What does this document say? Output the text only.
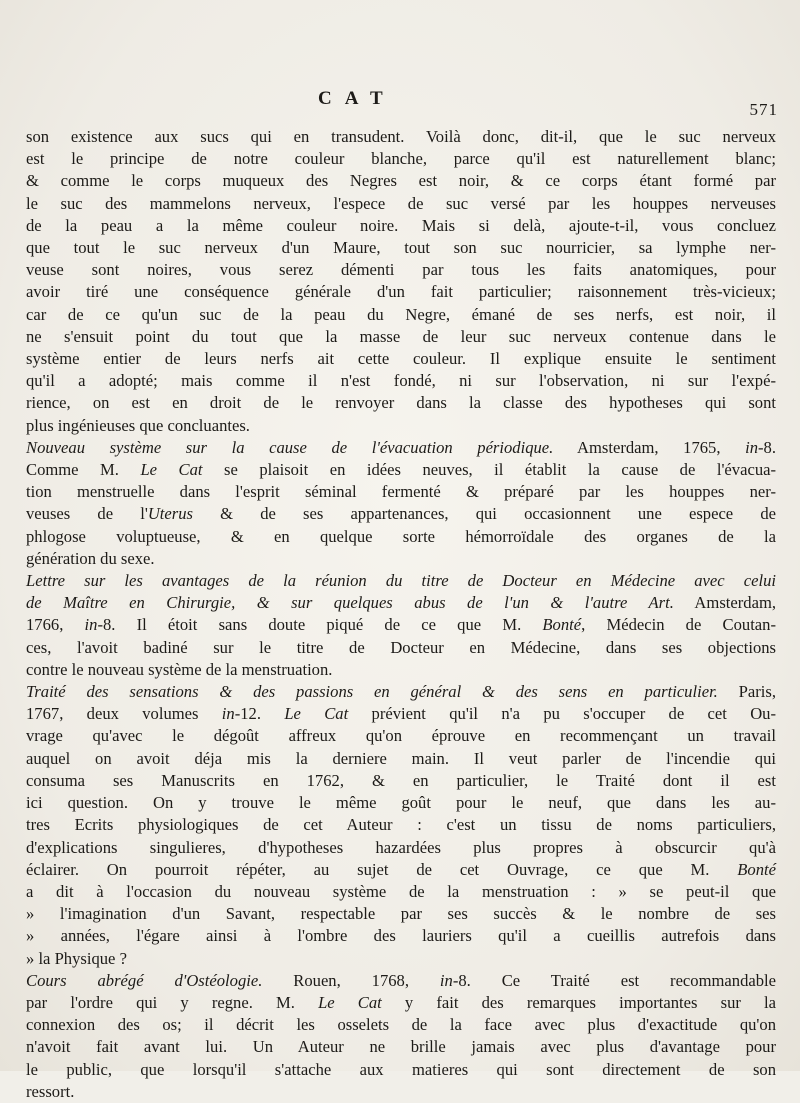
CAT
571

son existence aux sucs qui en transudent. Voilà donc, dit-il, que le suc nerveux
est le principe de notre couleur blanche, parce qu'il est naturellement blanc;
& comme le corps muqueux des Negres est noir, & ce corps étant formé par
le suc des mammelons nerveux, l'espece de suc versé par les houppes nerveuses
de la peau a la même couleur noire. Mais si delà, ajoute-t-il, vous concluez
que tout le suc nerveux d'un Maure, tout son suc nourricier, sa lymphe ner-
veuse sont noires, vous serez démenti par tous les faits anatomiques, pour
avoir tiré une conséquence générale d'un fait particulier; raisonnement très-vicieux;
car de ce qu'un suc de la peau du Negre, émané de ses nerfs, est noir, il
ne s'ensuit point du tout que la masse de leur suc nerveux contenue dans le
système entier de leurs nerfs ait cette couleur. Il explique ensuite le sentiment
qu'il a adopté; mais comme il n'est fondé, ni sur l'observation, ni sur l'expé-
rience, on est en droit de le renvoyer dans la classe des hypotheses qui sont
plus ingénieuses que concluantes.

Nouveau système sur la cause de l'évacuation périodique. Amsterdam, 1765, in-8.
Comme M. Le Cat se plaisoit en idées neuves, il établit la cause de l'évacua-
tion menstruelle dans l'esprit séminal fermenté & préparé par les houppes ner-
veuses de l'Uterus & de ses appartenances, qui occasionnent une espece de
phlogose voluptueuse, & en quelque sorte hémorroïdale des organes de la
génération du sexe.

Lettre sur les avantages de la réunion du titre de Docteur en Médecine avec celui
de Maître en Chirurgie, & sur quelques abus de l'un & l'autre Art. Amsterdam,
1766, in-8. Il étoit sans doute piqué de ce que M. Bonté, Médecin de Coutan-
ces, l'avoit badiné sur le titre de Docteur en Médecine, dans ses objections
contre le nouveau système de la menstruation.

Traité des sensations & des passions en général & des sens en particulier. Paris,
1767, deux volumes in-12. Le Cat prévient qu'il n'a pu s'occuper de cet Ou-
vrage qu'avec le dégoût affreux qu'on éprouve en recommençant un travail
auquel on avoit déja mis la derniere main. Il veut parler de l'incendie qui
consuma ses Manuscrits en 1762, & en particulier, le Traité dont il est
ici question. On y trouve le même goût pour le neuf, que dans les au-
tres Ecrits physiologiques de cet Auteur : c'est un tissu de noms particuliers,
d'explications singulieres, d'hypotheses hazardées plus propres à obscurcir qu'à
éclairer. On pourroit répéter, au sujet de cet Ouvrage, ce que M. Bonté
a dit à l'occasion du nouveau système de la menstruation : » se peut-il que
» l'imagination d'un Savant, respectable par ses succès & le nombre de ses
» années, l'égare ainsi à l'ombre des lauriers qu'il a cueillis autrefois dans
» la Physique ?

Cours abrégé d'Ostéologie. Rouen, 1768, in-8. Ce Traité est recommandable
par l'ordre qui y regne. M. Le Cat y fait des remarques importantes sur la
connexion des os; il décrit les osselets de la face avec plus d'exactitude qu'on
n'avoit fait avant lui. Un Auteur ne brille jamais avec plus d'avantage pour
le public, que lorsqu'il s'attache aux matieres qui sont directement de son
ressort.
